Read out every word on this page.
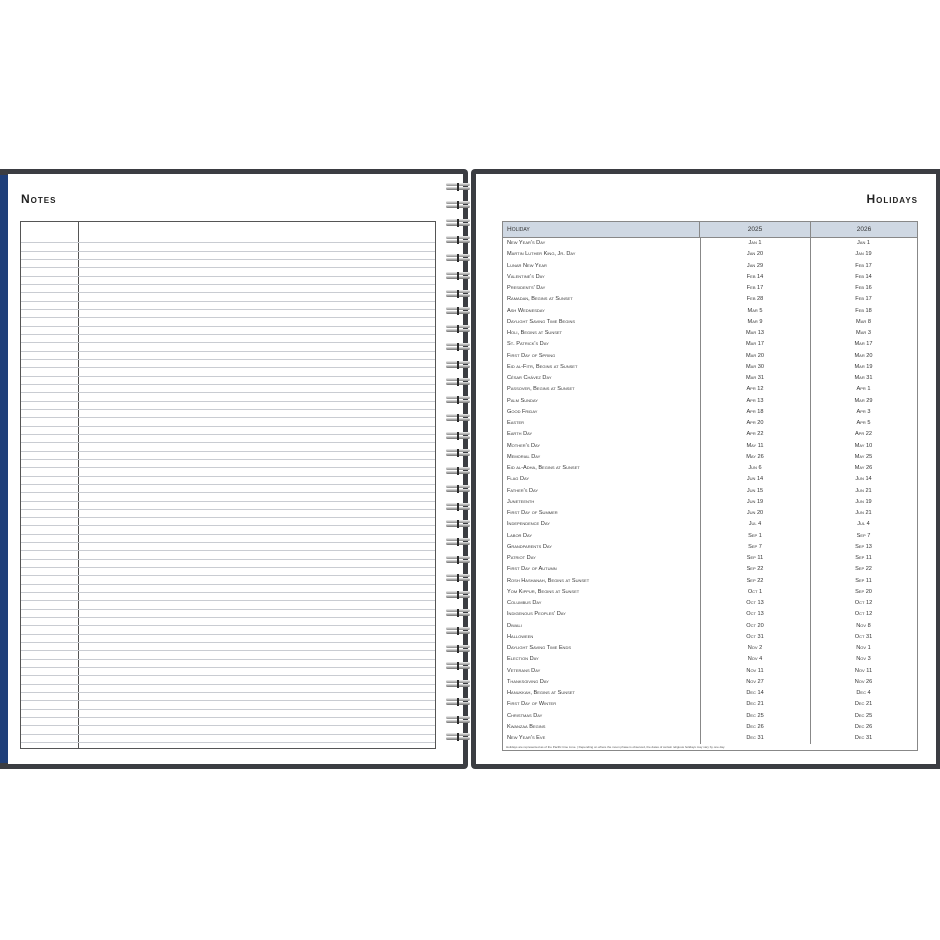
Notes	Holidays
Holiday	2025	2026
New Year's Day	Jan 1	Jan 1
Martin Luther King, Jr. Day	Jan 20	Jan 19
Lunar New Year	Jan 29	Feb 17
Valentine's Day	Feb 14	Feb 14
Presidents' Day	Feb 17	Feb 16
Ramadan, Begins at Sunset	Feb 28	Feb 17
Ash Wednesday	Mar 5	Feb 18
Daylight Saving Time Begins	Mar 9	Mar 8
Holi, Begins at Sunset	Mar 13	Mar 3
St. Patrick's Day	Mar 17	Mar 17
First Day of Spring	Mar 20	Mar 20
Eid al-Fitr, Begins at Sunset	Mar 30	Mar 19
César Chávez Day	Mar 31	Mar 31
Passover, Begins at Sunset	Apr 12	Apr 1
Palm Sunday	Apr 13	Mar 29
Good Friday	Apr 18	Apr 3
Easter	Apr 20	Apr 5
Earth Day	Apr 22	Apr 22
Mother's Day	May 11	May 10
Memorial Day	May 26	May 25
Eid al-Adha, Begins at Sunset	Jun 6	May 26
Flag Day	Jun 14	Jun 14
Father's Day	Jun 15	Jun 21
Juneteenth	Jun 19	Jun 19
First Day of Summer	Jun 20	Jun 21
Independence Day	Jul 4	Jul 4
Labor Day	Sep 1	Sep 7
Grandparents Day	Sep 7	Sep 13
Patriot Day	Sep 11	Sep 11
First Day of Autumn	Sep 22	Sep 22
Rosh Hashanah, Begins at Sunset	Sep 22	Sep 11
Yom Kippur, Begins at Sunset	Oct 1	Sep 20
Columbus Day	Oct 13	Oct 12
Indigenous Peoples' Day	Oct 13	Oct 12
Diwali	Oct 20	Nov 8
Halloween	Oct 31	Oct 31
Daylight Saving Time Ends	Nov 2	Nov 1
Election Day	Nov 4	Nov 3
Veterans Day	Nov 11	Nov 11
Thanksgiving Day	Nov 27	Nov 26
Hanukkah, Begins at Sunset	Dec 14	Dec 4
First Day of Winter	Dec 21	Dec 21
Christmas Day	Dec 25	Dec 25
Kwanzaa Begins	Dec 26	Dec 26
New Year's Eve	Dec 31	Dec 31
Holidays are represented as of the Pacific time zone. | Depending on where the moon phase is observed, the dates of certain religious holidays may vary by one day.
